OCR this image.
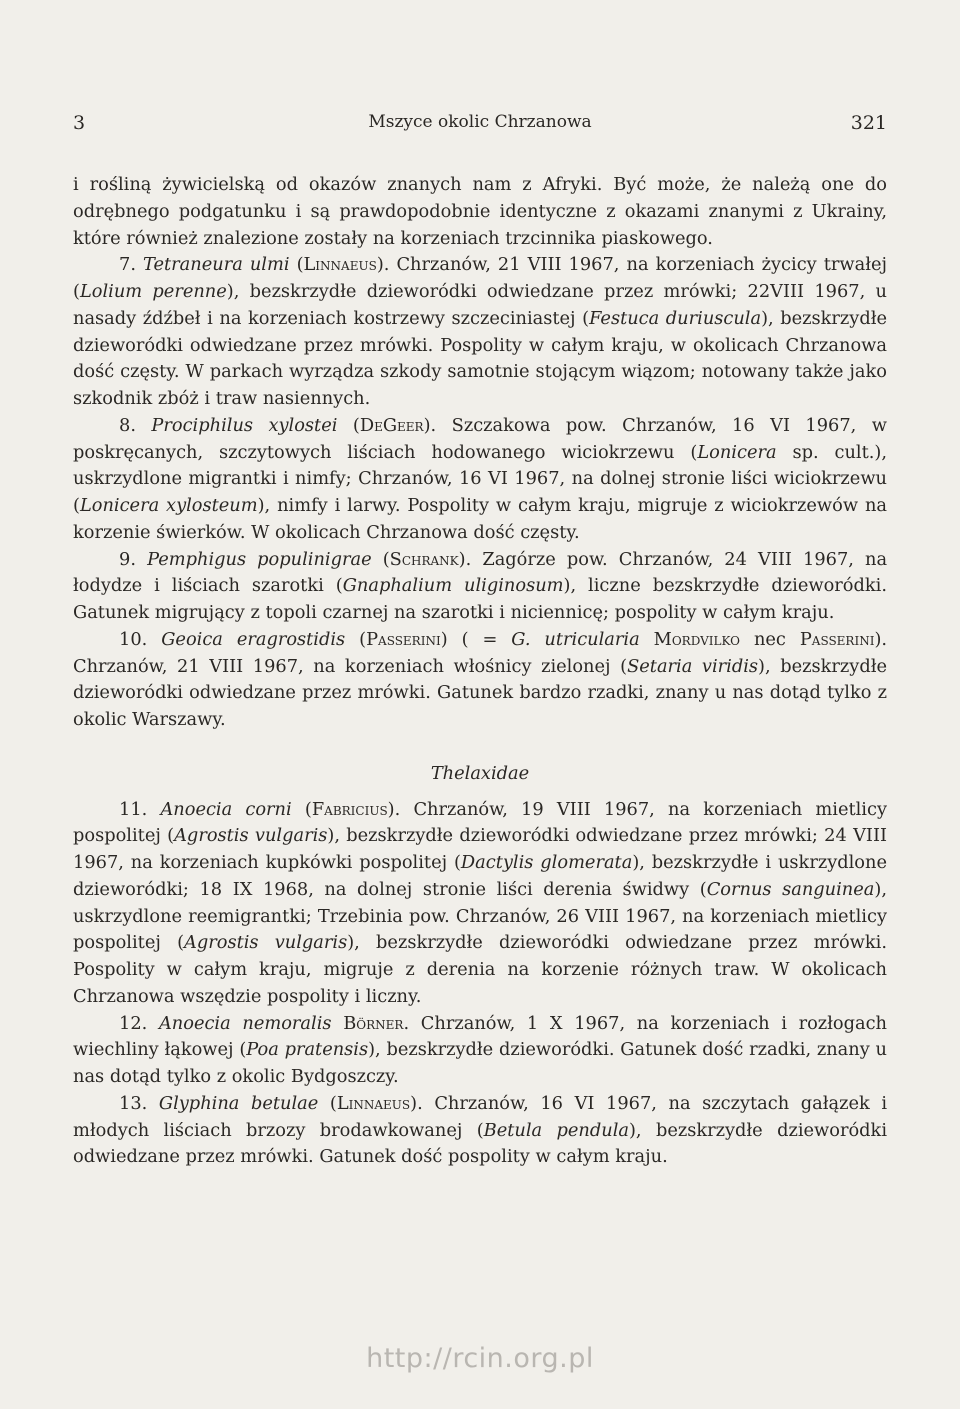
3	Mszyce okolic Chrzanowa	321

i rośliną żywicielską od okazów znanych nam z Afryki. Być może, że należą one do odrębnego podgatunku i są prawdopodobnie identyczne z okazami znanymi z Ukrainy, które również znalezione zostały na korzeniach trzcinnika piaskowego.

7. Tetraneura ulmi (Linnaeus). Chrzanów, 21 VIII 1967, na korzeniach życicy trwałej (Lolium perenne), bezskrzydłe dzieworódki odwiedzane przez mrówki; 22VIII 1967, u nasady źdźbeł i na korzeniach kostrzewy szczeciniastej (Festuca duriuscula), bezskrzydłe dzieworódki odwiedzane przez mrówki. Pospolity w całym kraju, w okolicach Chrzanowa dość częsty. W parkach wyrządza szkody samotnie stojącym wiązom; notowany także jako szkodnik zbóż i traw nasiennych.

8. Prociphilus xylostei (DeGeer). Szczakowa pow. Chrzanów, 16 VI 1967, w poskręcanych, szczytowych liściach hodowanego wiciokrzewu (Lonicera sp. cult.), uskrzydlone migrantki i nimfy; Chrzanów, 16 VI 1967, na dolnej stronie liści wiciokrzewu (Lonicera xylosteum), nimfy i larwy. Pospolity w całym kraju, migruje z wiciokrzewów na korzenie świerków. W okolicach Chrzanowa dość częsty.

9. Pemphigus populinigrae (Schrank). Zagórze pow. Chrzanów, 24 VIII 1967, na łodydze i liściach szarotki (Gnaphalium uliginosum), liczne bezskrzydłe dzieworódki. Gatunek migrujący z topoli czarnej na szarotki i niciennicę; pospolity w całym kraju.

10. Geoica eragrostidis (Passerini) ( = G. utricularia Mordvilko nec Passerini). Chrzanów, 21 VIII 1967, na korzeniach włośnicy zielonej (Setaria viridis), bezskrzydłe dzieworódki odwiedzane przez mrówki. Gatunek bardzo rzadki, znany u nas dotąd tylko z okolic Warszawy.

Thelaxidae

11. Anoecia corni (Fabricius). Chrzanów, 19 VIII 1967, na korzeniach mietlicy pospolitej (Agrostis vulgaris), bezskrzydłe dzieworódki odwiedzane przez mrówki; 24 VIII 1967, na korzeniach kupkówki pospolitej (Dactylis glomerata), bezskrzydłe i uskrzydlone dzieworódki; 18 IX 1968, na dolnej stronie liści derenia świdwy (Cornus sanguinea), uskrzydlone reemigrantki; Trzebinia pow. Chrzanów, 26 VIII 1967, na korzeniach mietlicy pospolitej (Agrostis vulgaris), bezskrzydłe dzieworódki odwiedzane przez mrówki. Pospolity w całym kraju, migruje z derenia na korzenie różnych traw. W okolicach Chrzanowa wszędzie pospolity i liczny.

12. Anoecia nemoralis Börner. Chrzanów, 1 X 1967, na korzeniach i rozłogach wiechliny łąkowej (Poa pratensis), bezskrzydłe dzieworódki. Gatunek dość rzadki, znany u nas dotąd tylko z okolic Bydgoszczy.

13. Glyphina betulae (Linnaeus). Chrzanów, 16 VI 1967, na szczytach gałązek i młodych liściach brzozy brodawkowanej (Betula pendula), bezskrzydłe dzieworódki odwiedzane przez mrówki. Gatunek dość pospolity w całym kraju.

http://rcin.org.pl
